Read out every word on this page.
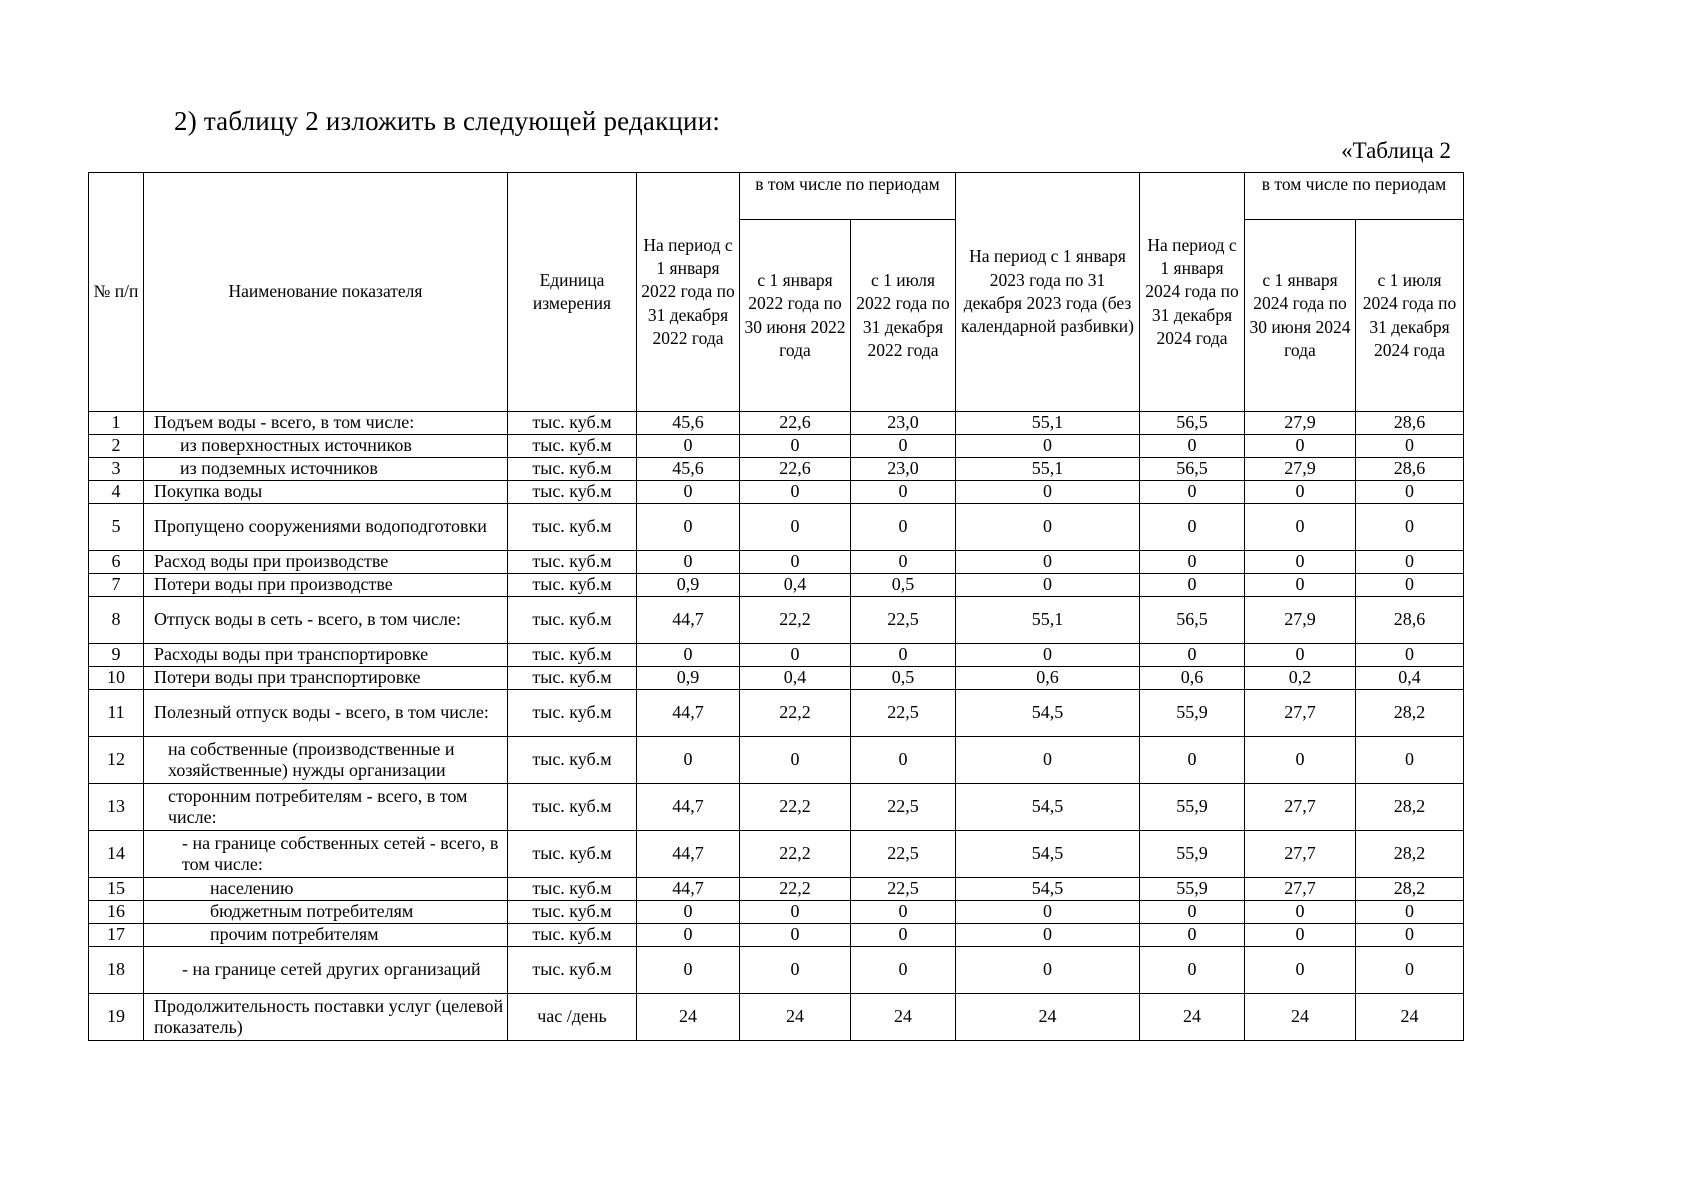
2) таблицу 2 изложить в следующей редакции:
«Таблица 2
№ п/п	Наименование показателя	Единица измерения	На период с 1 января 2022 года по 31 декабря 2022 года	в том числе по периодам		На период с 1 января 2023 года по 31 декабря 2023 года (без календарной разбивки)	На период с 1 января 2024 года по 31 декабря 2024 года	в том числе по периодам	
				с 1 января 2022 года по 30 июня 2022 года	с 1 июля 2022 года по 31 декабря 2022 года			с 1 января 2024 года по 30 июня 2024 года	с 1 июля 2024 года по 31 декабря 2024 года
1	Подъем воды - всего, в том числе:	тыс. куб.м	45,6	22,6	23,0	55,1	56,5	27,9	28,6
2	из поверхностных источников	тыс. куб.м	0	0	0	0	0	0	0
3	из подземных источников	тыс. куб.м	45,6	22,6	23,0	55,1	56,5	27,9	28,6
4	Покупка воды	тыс. куб.м	0	0	0	0	0	0	0
5	Пропущено сооружениями водоподготовки	тыс. куб.м	0	0	0	0	0	0	0
6	Расход воды при производстве	тыс. куб.м	0	0	0	0	0	0	0
7	Потери воды при производстве	тыс. куб.м	0,9	0,4	0,5	0	0	0	0
8	Отпуск воды в сеть - всего, в том числе:	тыс. куб.м	44,7	22,2	22,5	55,1	56,5	27,9	28,6
9	Расходы воды при транспортировке	тыс. куб.м	0	0	0	0	0	0	0
10	Потери воды при транспортировке	тыс. куб.м	0,9	0,4	0,5	0,6	0,6	0,2	0,4
11	Полезный отпуск воды - всего, в том числе:	тыс. куб.м	44,7	22,2	22,5	54,5	55,9	27,7	28,2
12	на собственные (производственные и хозяйственные) нужды организации	тыс. куб.м	0	0	0	0	0	0	0
13	сторонним потребителям - всего, в том числе:	тыс. куб.м	44,7	22,2	22,5	54,5	55,9	27,7	28,2
14	- на границе собственных сетей - всего, в том числе:	тыс. куб.м	44,7	22,2	22,5	54,5	55,9	27,7	28,2
15	населению	тыс. куб.м	44,7	22,2	22,5	54,5	55,9	27,7	28,2
16	бюджетным потребителям	тыс. куб.м	0	0	0	0	0	0	0
17	прочим потребителям	тыс. куб.м	0	0	0	0	0	0	0
18	- на границе сетей других организаций	тыс. куб.м	0	0	0	0	0	0	0
19	Продолжительность поставки услуг (целевой показатель)	час /день	24	24	24	24	24	24	24
